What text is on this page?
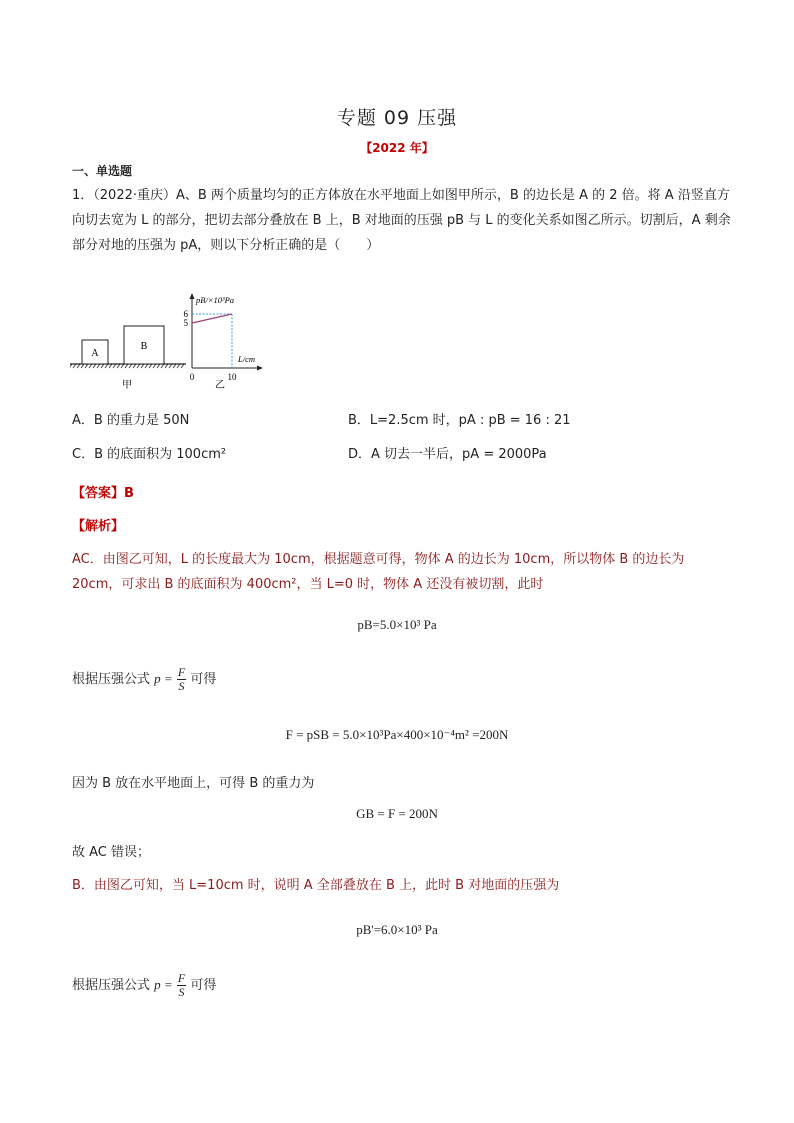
专题 09 压强
【2022 年】
一、单选题
1．（2022·重庆）A、B 两个质量均匀的正方体放在水平地面上如图甲所示，B 的边长是 A 的 2 倍。将 A 沿竖直方向切去宽为 L 的部分，把切去部分叠放在 B 上，B 对地面的压强 pB 与 L 的变化关系如图乙所示。切割后，A 剩余部分对地的压强为 pA，则以下分析正确的是（　　）
A
B
甲
pB/×10³Pa
L/cm
0
6
5
10
乙
A．B 的重力是 50N	B．L=2.5cm 时，pA : pB = 16 : 21
C．B 的底面积为 100cm²	D．A 切去一半后，pA = 2000Pa
【答案】B
【解析】
AC．由图乙可知，L 的长度最大为 10cm，根据题意可得，物体 A 的边长为 10cm，所以物体 B 的边长为 20cm，可求出 B 的底面积为 400cm²，当 L=0 时，物体 A 还没有被切割，此时
pB=5.0×10³ Pa
根据压强公式 $p = \frac{F}{S}$ 可得
F = pSB = 5.0×10³Pa×400×10⁻⁴m² =200N
因为 B 放在水平地面上，可得 B 的重力为
GB = F = 200N
故 AC 错误；
B．由图乙可知，当 L=10cm 时，说明 A 全部叠放在 B 上，此时 B 对地面的压强为
pB'=6.0×10³ Pa
根据压强公式 $p = \frac{F}{S}$ 可得
